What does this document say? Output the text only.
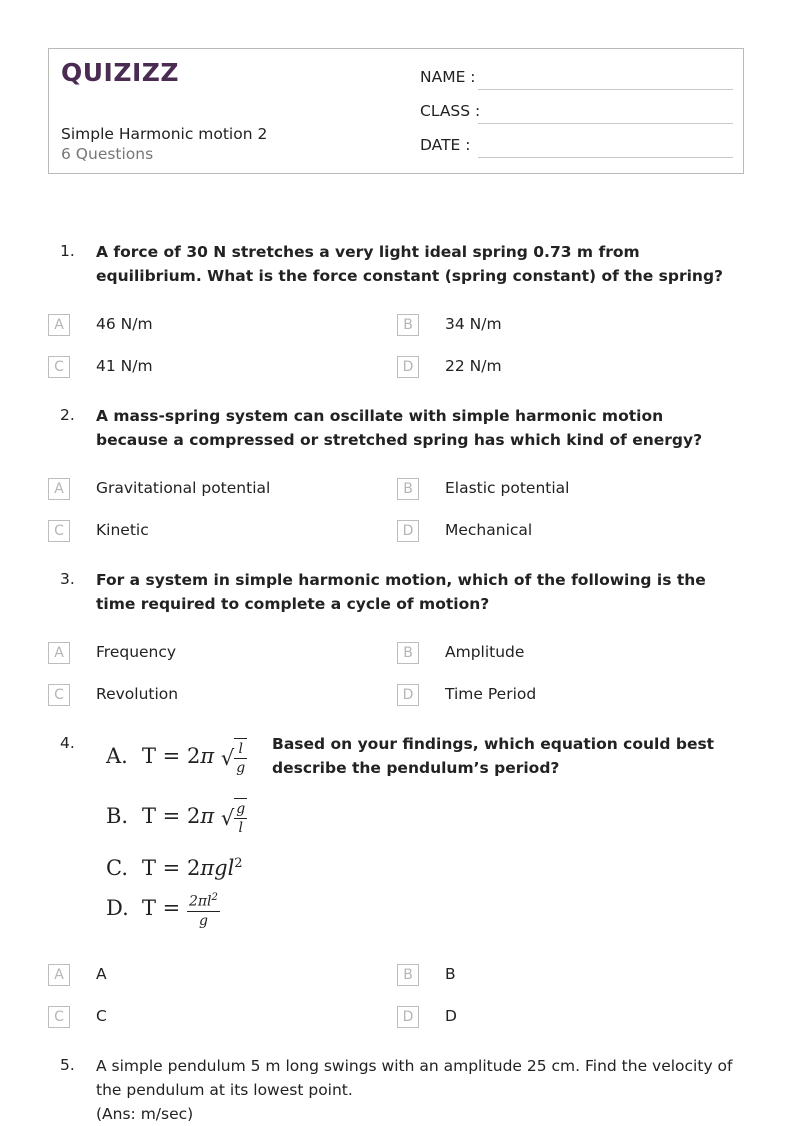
QUIZIZZ
Simple Harmonic motion 2
6 Questions
NAME :
CLASS :
DATE :
1. A force of 30 N stretches a very light ideal spring 0.73 m from equilibrium. What is the force constant (spring constant) of the spring?
A	46 N/m	B	34 N/m
C	41 N/m	D	22 N/m
2. A mass-spring system can oscillate with simple harmonic motion because a compressed or stretched spring has which kind of energy?
A	Gravitational potential	B	Elastic potential
C	Kinetic	D	Mechanical
3. For a system in simple harmonic motion, which of the following is the time required to complete a cycle of motion?
A	Frequency	B	Amplitude
C	Revolution	D	Time Period
4.	Based on your findings, which equation could best describe the pendulum’s period?
A. T = 2π √ $\frac{l}{g}$
B. T = 2π √ $\frac{g}{l}$
C. T = 2πgl$^2$
D. $T = \frac{2\pi l^2}{g}$
A	A	B	B
C	C	D	D
5. A simple pendulum 5 m long swings with an amplitude 25 cm. Find the velocity of the pendulum at its lowest point.
(Ans: m/sec)
